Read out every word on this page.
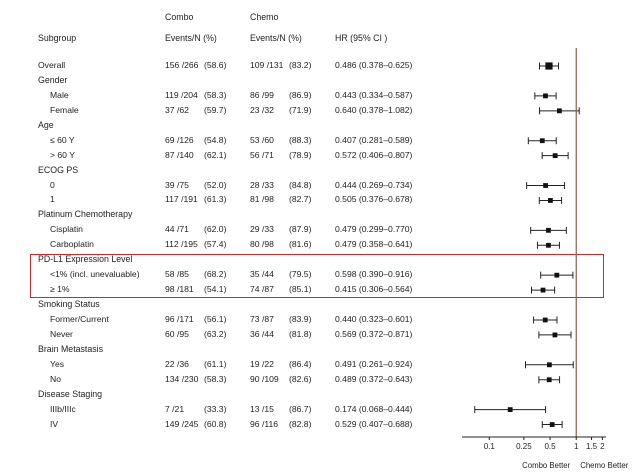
Combo	Chemo
Subgroup	Events/N (%)	Events/N (%)	HR (95% CI )
Overall	156 /266 (58.6)	109 /131 (83.2)	0.486 (0.378–0.625)
Gender
Male	119 /204 (58.3)	86 /99 (86.9)	0.443 (0.334–0.587)
Female	37 /62 (59.7)	23 /32 (71.9)	0.640 (0.378–1.082)
Age
≤ 60 Y	69 /126 (54.8)	53 /60 (88.3)	0.407 (0.281–0.589)
> 60 Y	87 /140 (62.1)	56 /71 (78.9)	0.572 (0.406–0.807)
ECOG PS
0	39 /75 (52.0)	28 /33 (84.8)	0.444 (0.269–0.734)
1	117 /191 (61.3)	81 /98 (82.7)	0.505 (0.376–0.678)
Platinum Chemotherapy
Cisplatin	44 /71 (62.0)	29 /33 (87.9)	0.479 (0.299–0.770)
Carboplatin	112 /195 (57.4)	80 /98 (81.6)	0.479 (0.358–0.641)
PD-L1 Expression Level
<1% (incl. unevaluable)	58 /85 (68.2)	35 /44 (79.5)	0.598 (0.390–0.916)
≥ 1%	98 /181 (54.1)	74 /87 (85.1)	0.415 (0.306–0.564)
Smoking Status
Former/Current	96 /171 (56.1)	73 /87 (83.9)	0.440 (0.323–0.601)
Never	60 /95 (63.2)	36 /44 (81.8)	0.569 (0.372–0.871)
Brain Metastasis
Yes	22 /36 (61.1)	19 /22 (86.4)	0.491 (0.261–0.924)
No	134 /230 (58.3)	90 /109 (82.6)	0.489 (0.372–0.643)
Disease Staging
IIIb/IIIc	7 /21 (33.3)	13 /15 (86.7)	0.174 (0.068–0.444)
IV	149 /245 (60.8)	96 /116 (82.8)	0.529 (0.407–0.688)
0.1	0.25 0.5 1 1.5 2
Combo Better Chemo Better
